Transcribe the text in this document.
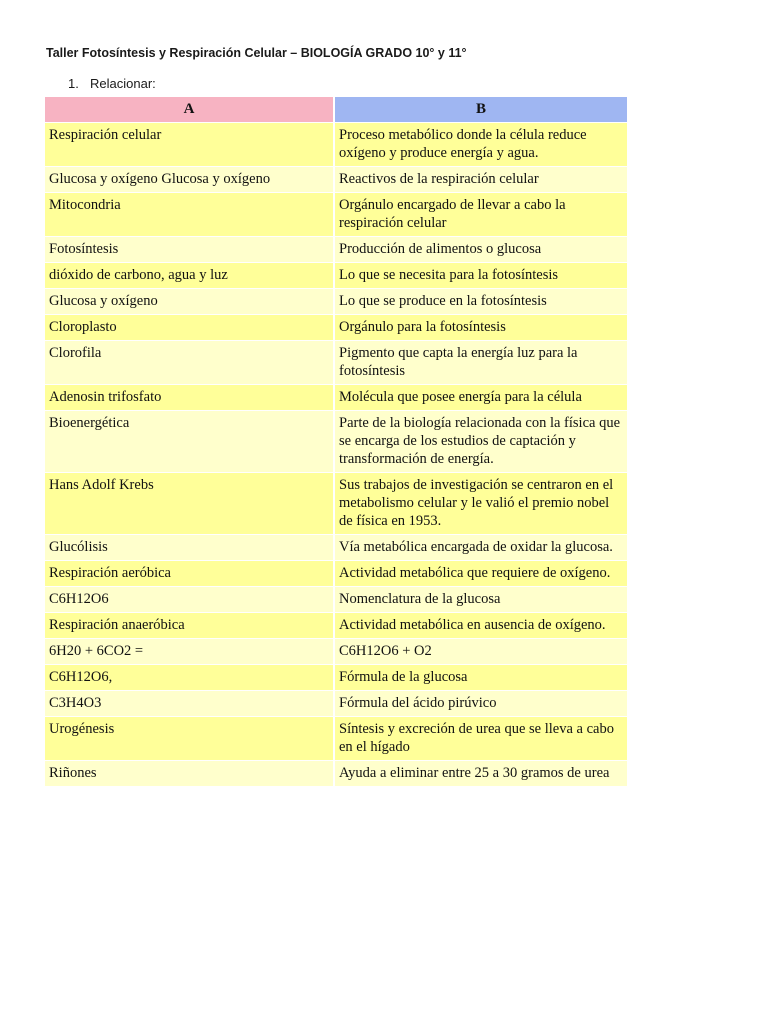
Taller Fotosíntesis y Respiración Celular – BIOLOGÍA GRADO 10° y 11°
1. Relacionar:
A	B
Respiración celular	Proceso metabólico donde la célula reduce oxígeno y produce energía y agua.
Glucosa y oxígeno Glucosa y oxígeno	Reactivos de la respiración celular
Mitocondria	Orgánulo encargado de llevar a cabo la respiración celular
Fotosíntesis	Producción de alimentos o glucosa
dióxido de carbono, agua y luz	Lo que se necesita para la fotosíntesis
Glucosa y oxígeno	Lo que se produce en la fotosíntesis
Cloroplasto	Orgánulo para la fotosíntesis
Clorofila	Pigmento que capta la energía luz para la fotosíntesis
Adenosin trifosfato	Molécula que posee energía para la célula
Bioenergética	Parte de la biología relacionada con la física que se encarga de los estudios de captación y transformación de energía.
Hans Adolf Krebs	Sus trabajos de investigación se centraron en el metabolismo celular y le valió el premio nobel de física en 1953.
Glucólisis	Vía metabólica encargada de oxidar la glucosa.
Respiración aeróbica	Actividad metabólica que requiere de oxígeno.
C6H12O6	Nomenclatura de la glucosa
Respiración anaeróbica	Actividad metabólica en ausencia de oxígeno.
6H20 + 6CO2 =	C6H12O6 + O2
C6H12O6,	Fórmula de la glucosa
C3H4O3	Fórmula del ácido pirúvico
Urogénesis	Síntesis y excreción de urea que se lleva a cabo en el hígado
Riñones	Ayuda a eliminar entre 25 a 30 gramos de urea
